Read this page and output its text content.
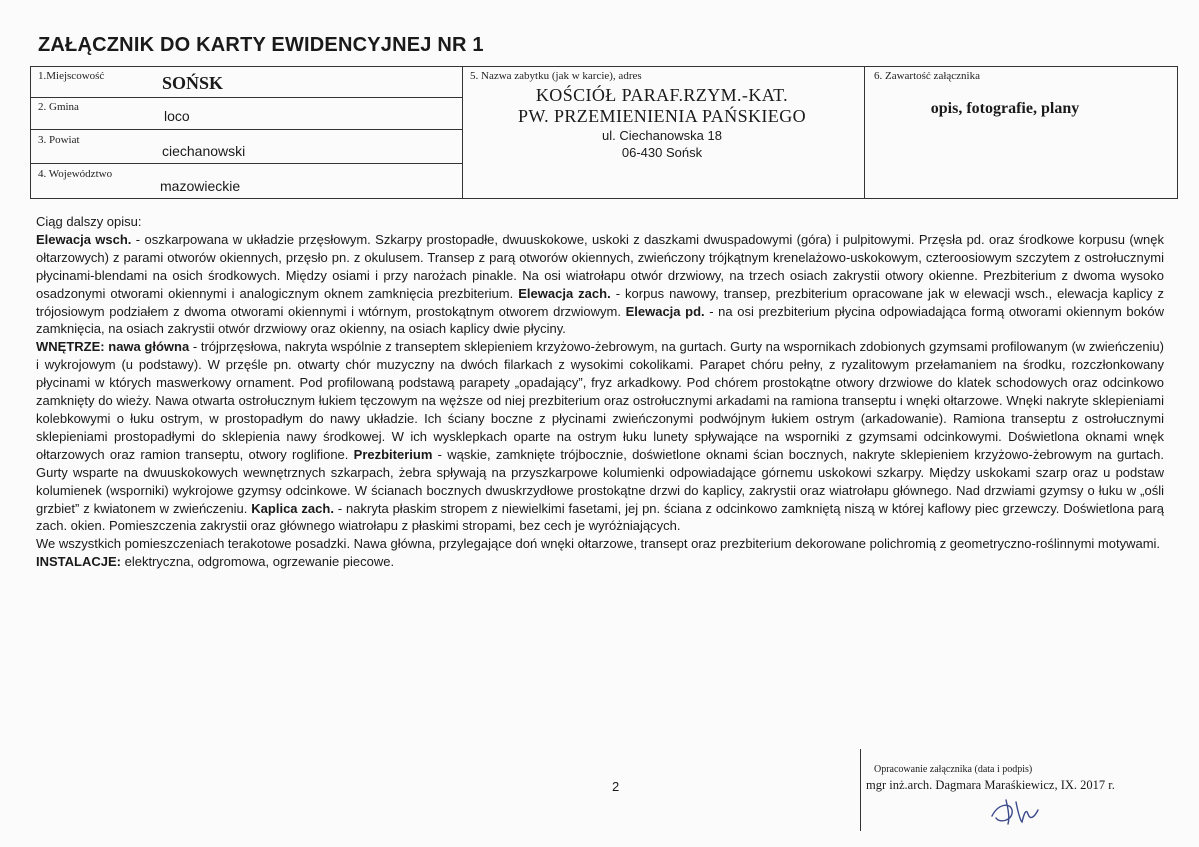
ZAŁĄCZNIK DO KARTY EWIDENCYJNEJ NR 1
1.Miejscowość	SOŃSK
2. Gmina
loco
3. Powiat
ciechanowski
4. Województwo
mazowieckie
5. Nazwa zabytku (jak w karcie), adres
KOŚCIÓŁ PARAF.RZYM.-KAT.
PW. PRZEMIENIENIA PAŃSKIEGO
ul. Ciechanowska 18
06-430 Sońsk
6. Zawartość załącznika
opis, fotografie, plany

Ciąg dalszy opisu:

Elewacja wsch. - oszkarpowana w układzie przęsłowym. Szkarpy prostopadłe, dwuuskokowe, uskoki z daszkami dwuspadowymi (góra) i pulpitowymi. Przęsła pd. oraz środkowe korpusu (wnęk ołtarzowych) z parami otworów okiennych, przęsło pn. z okulusem. Transep z parą otworów okiennych, zwieńczony trójkątnym krenelażowo-uskokowym, czteroosiowym szczytem z ostrołucznymi płycinami-blendami na osich środkowych. Między osiami i przy narożach pinakle. Na osi wiatrołapu otwór drzwiowy, na trzech osiach zakrystii otwory okienne. Prezbiterium z dwoma wysoko osadzonymi otworami okiennymi i analogicznym oknem zamknięcia prezbiterium. Elewacja zach. - korpus nawowy, transep, prezbiterium opracowane jak w elewacji wsch., elewacja kaplicy z trójosiowym podziałem z dwoma otworami okiennymi i wtórnym, prostokątnym otworem drzwiowym. Elewacja pd. - na osi prezbiterium płycina odpowiadająca formą otworami okiennym boków zamknięcia, na osiach zakrystii otwór drzwiowy oraz okienny, na osiach kaplicy dwie płyciny.

WNĘTRZE: nawa główna - trójprzęsłowa, nakryta wspólnie z transeptem sklepieniem krzyżowo-żebrowym, na gurtach. Gurty na wspornikach zdobionych gzymsami profilowanym (w zwieńczeniu) i wykrojowym (u podstawy). W przęśle pn. otwarty chór muzyczny na dwóch filarkach z wysokimi cokolikami. Parapet chóru pełny, z ryzalitowym przełamaniem na środku, rozczłonkowany płycinami w których maswerkowy ornament. Pod profilowaną podstawą parapety „opadający”, fryz arkadkowy. Pod chórem prostokątne otwory drzwiowe do klatek schodowych oraz odcinkowo zamknięty do wieży. Nawa otwarta ostrołucznym łukiem tęczowym na węższe od niej prezbiterium oraz ostrołucznymi arkadami na ramiona transeptu i wnęki ołtarzowe. Wnęki nakryte sklepieniami kolebkowymi o łuku ostrym, w prostopadłym do nawy układzie. Ich ściany boczne z płycinami zwieńczonymi podwójnym łukiem ostrym (arkadowanie). Ramiona transeptu z ostrołucznymi sklepieniami prostopadłymi do sklepienia nawy środkowej. W ich wysklepkach oparte na ostrym łuku lunety spływające na wsporniki z gzymsami odcinkowymi. Doświetlona oknami wnęk ołtarzowych oraz ramion transeptu, otwory roglifione. Prezbiterium - wąskie, zamknięte trójbocznie, doświetlone oknami ścian bocznych, nakryte sklepieniem krzyżowo-żebrowym na gurtach. Gurty wsparte na dwuuskokowych wewnętrznych szkarpach, żebra spływają na przyszkarpowe kolumienki odpowiadające górnemu uskokowi szkarpy. Między uskokami szarp oraz u podstaw kolumienek (wsporniki) wykrojowe gzymsy odcinkowe. W ścianach bocznych dwuskrzydłowe prostokątne drzwi do kaplicy, zakrystii oraz wiatrołapu głównego. Nad drzwiami gzymsy o łuku w „ośli grzbiet” z kwiatonem w zwieńczeniu. Kaplica zach. - nakryta płaskim stropem z niewielkimi fasetami, jej pn. ściana z odcinkowo zamkniętą niszą w której kaflowy piec grzewczy. Doświetlona parą zach. okien. Pomieszczenia zakrystii oraz głównego wiatrołapu z płaskimi stropami, bez cech je wyróżniających.

We wszystkich pomieszczeniach terakotowe posadzki. Nawa główna, przylegające doń wnęki ołtarzowe, transept oraz prezbiterium dekorowane polichromią z geometryczno-roślinnymi motywami.

INSTALACJE: elektryczna, odgromowa, ogrzewanie piecowe.

2
Opracowanie załącznika (data i podpis)
mgr inż.arch. Dagmara Maraśkiewicz, IX. 2017 r.
